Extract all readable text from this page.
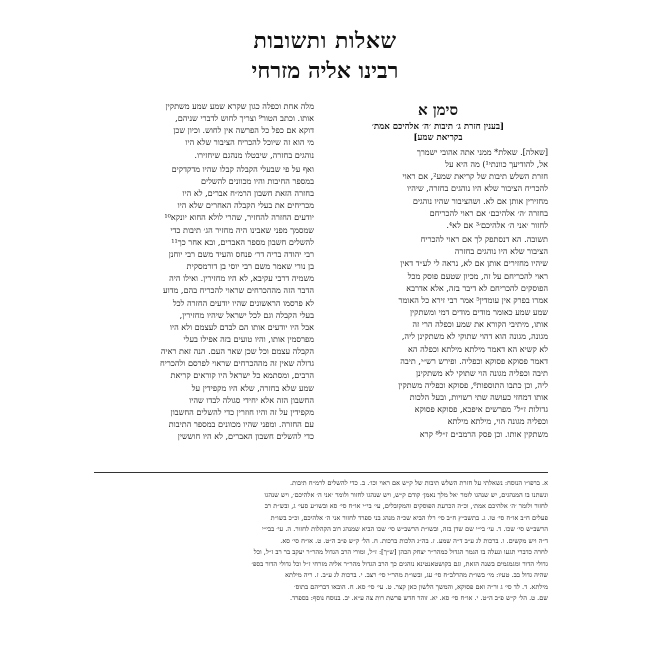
שאלות ותשובות
רבינו אליה מזרחי
סימן א
[בענין חזרת ג׳ תיבות ׳ה׳ אלהיכם אמת׳
בקריאת שמע]
[שאלה]. שאלת* ממני אתה אהובי ישמרך
אל, להודיעך כוונתי¹) מה היא על
חזרת השלש תיבות של קריאת שמע², אם ראוי
להכריח הציבור שלא היו נוהגים בחזרה, שיהיו
מחזירין אותן אם לא. ושהציבור שהיו נוהגים
בחזרה ׳ה׳ אלהיכם׳ אם ראוי להכריחם
לחזור ׳אני ה׳ אלהיכם׳³ אם לא⁴.
תשובה. הא דנסתפק לך אם ראוי להכריח
הציבור שלא היו נוהגים בחזרה
שיהיו מחזירים אותן אם לא, נראה לי לע״ד דאין
ראוי להכריחם על זה, מכיון שטעם פוסק מכל
הפוסקים להכריחם לא דיבר בזה, אלא אדרבא
אמרו בפרק אין עומדין⁵ אמר רבי זירא כל האומר
שמע שמע כאומר מודים מודים דמי ומשתקין
אותו, מיתיבי הקורא את שמע וכפלה הרי זה
מגונה, מגונה הוא דהוי שתוקי לא משתקינן ליה,
לא קשיא הא דאמר מילתא מילתא וכפלה הא
דאמר פסוקא פסוקא וכפליה. ופירש רש״י, תיבה
תיבה וכפליה מגונה הוי שתוקי לא משתקינן
ליה, וכן כתבו התוספות⁶, פסוקא וכפליה משתקין
אותו דמחזי כעושה שתי רשויות, ובעל הלכות
גדולות ז״ל⁷ מפרשים איפכא, פסוקא פסוקא
וכפליה מגונה הוי, מילתא מילתא
משתקין אותו. וכן פסק הרמב״ם ז״ל⁸ קרא
מלה אחת וכפלה כגון שקרא שמע שמע משתקין
אותו. וכתב הטור⁹ וצריך לחוש לדברי שניהם,
דוקא אם כפל כל הפרשה אין לחוש. וכיון שכן
מי הוא זה שיוכל להכריח הציבור שלא היו
נוהגים בחזרה, שיבטלו מנהגם שיחזירו.
ואף על פי שבעלי הקבלה קבלו שהיו מדקדקים
במספר החיבות והיו מכוונים להשלים
בחזרה הזאת חשבון הרמ״ח אברים, לא היו
מכריחים את בעלי הקבלה האחרים שלא היו
יודעים החזרה להחזיר, שהרי לולא החוא יונקא¹⁰
שמסמך מפני שאבינו היה מחזיר הג׳ תיבות כדי
להשלים חשבון מספר האברים, ובא אחר כך¹¹
רבי יהודה בריה דר׳ פנחס והעיד משם רבי יוחנן
בן נורי שאמר משם רבי יוסי בן דורמסקית
משמיה דרבי עקיבא, לא היו מחזירין. ואילו היה
הדבר הזה מההכרחים שראוי להכריח בהם, מדוע
לא פרסמו הראשונים שהיו יודעים החזרה לכל
בעלי הקבלה וגם לכל ישראל שיהיו מחזירין,
אבל היו יודעים אותו הם לבדם לעצמם ולא היו
מפרסמין אותו, והיו טועים בזה אפילו בעלי
הקבלה עצמם וכל שכן שאר העם. הנה זאת ראיה
גדולה שאין זה מההכרחים שראוי לפרסם ולהכריח
הרבים, ומסתמא כל ישראל היו קוראים קריאת
שמע שלא בחזרה, שלא היו מקפידין על
החשבון הזה אלא יחידי סגולה לבדו שהיו
מקפידין על זה והיו חוזרין כדי להשלים החשבון
עם החזרה. ומפני שהיו מכוונים במספר התיבות
כדי להשלים חשבון האברים, לא היו חוששין
א. ברפו״ו הנוסח: נשאלתי על חזרת השלש תיבות של ק״ש אם ראוי וכו׳. ב. כדי להשלים לרמ״ח תיבות.
ונשתנו בו המנהגים, יש שנהגו לומר ׳אל מלך נאמן׳ קודם ק״ש, ויש שנהגו לחזור ולומר ׳אני ה׳ אלהיכם׳, ויש שנהגו
לחזור ולומר ׳ה׳ אלהיכם אמת׳, וכ״ה הכרעת הפוסקים והמקובלים, עי׳ בי״י או״ח סי׳ סא ובשו״ע סעי׳ ג, ובש״ת רב
פעלים ח״ב או״ח סי׳ טו. ג. בתשב״ץ ח״ב סי׳ רלו הביא שכ״ה מנהג בני ספרד לחזור אני ה׳ אלהיכם, וכ״כ בשו״ת
הרשב״ש סי׳ שכו. ד. עי׳ בי״י שם שדן בזה, ובשו״ת הרשב״ש סי׳ שכו הביא שמנהג רוב הקהלות לחזור. ה. עי׳ בבי״י
ד״ה ויש מקשים. ו. ברכות לג ע״ב ד״ה שמע. ז. בה״ג הלכות ברכות. ח. הל׳ ק״ש פ״ב ה״ט. ט. או״ח סי׳ סא.
לחרה כדברי תגעו ונעלה בו הגמר הגדול כמהר״ר יצחק הכהן [ש״ך]: ז״ל, ומורי הרב הגדול מהר״ר יעקב בר רב ז״ל, וכל
גדולי הדור ומגמגמים בשנה הזאת, וגם בקושטאנטינא נוהגים כך הרב הגדול מהר״ר אליה מזרחי ז״ל וכל גדולי הדור בספ׳
שהיה גדול בב. טעיו: מי׳ בשו״ת מהרלב״ח סי׳ עג, ובשו״ת מהר״י סי׳ רצב. י. ברכות לג ע״ב. ז. ריה מילתא
מילתא. ד. לד סי׳ ג ור״ה ואם פסוקא, והמשך הלשון כאן קצר. ט. עי׳ סי׳ סא. ח. הובאו דבריהם בתוס׳
שם. ט. הל׳ ק״ש פ״ב ה״ט. י. או״ח סי׳ סא. יא. זוהר חדש פרשת רות צה ע״א. יב. בנוסח נוסף: בספרד.
